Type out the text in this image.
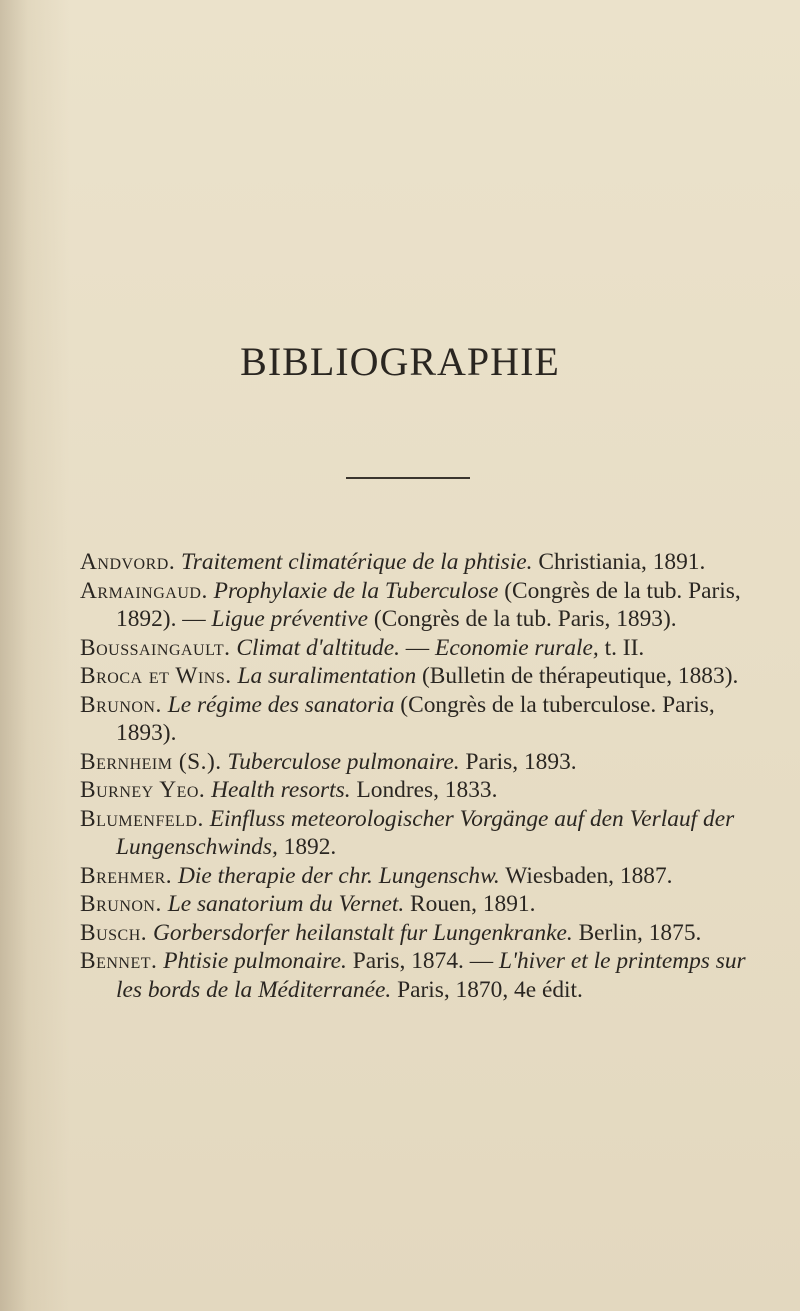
BIBLIOGRAPHIE

Andvord. Traitement climatérique de la phtisie. Christiania, 1891.

Armaingaud. Prophylaxie de la Tuberculose (Congrès de la tub. Paris, 1892). — Ligue préventive (Congrès de la tub. Paris, 1893).

Boussaingault. Climat d'altitude. — Economie rurale, t. II.

Broca et Wins. La suralimentation (Bulletin de thérapeutique, 1883).

Brunon. Le régime des sanatoria (Congrès de la tuberculose. Paris, 1893).

Bernheim (S.). Tuberculose pulmonaire. Paris, 1893.

Burney Yeo. Health resorts. Londres, 1833.

Blumenfeld. Einfluss meteorologischer Vorgänge auf den Verlauf der Lungenschwinds, 1892.

Brehmer. Die therapie der chr. Lungenschw. Wiesbaden, 1887.

Brunon. Le sanatorium du Vernet. Rouen, 1891.

Busch. Gorbersdorfer heilanstalt fur Lungenkranke. Berlin, 1875.

Bennet. Phtisie pulmonaire. Paris, 1874. — L'hiver et le printemps sur les bords de la Méditerranée. Paris, 1870, 4e édit.
